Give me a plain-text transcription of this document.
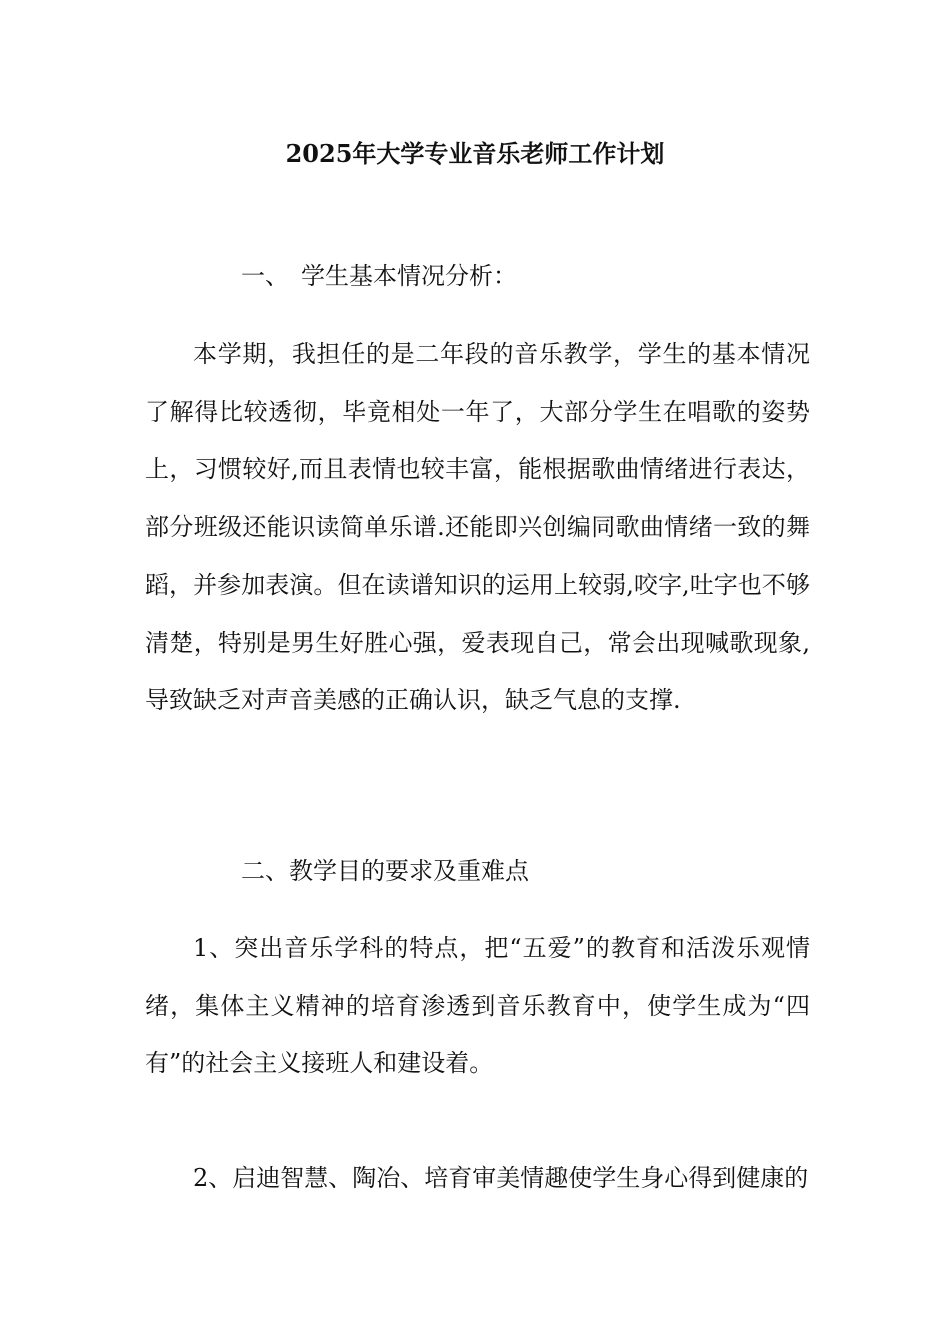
2025年大学专业音乐老师工作计划
一、 学生基本情况分析：

本学期，我担任的是二年段的音乐教学，学生的基本情况了解得比较透彻，毕竟相处一年了，大部分学生在唱歌的姿势上，习惯较好,而且表情也较丰富，能根据歌曲情绪进行表达，部分班级还能识读简单乐谱.还能即兴创编同歌曲情绪一致的舞蹈，并参加表演。但在读谱知识的运用上较弱,咬字,吐字也不够清楚，特别是男生好胜心强，爱表现自己，常会出现喊歌现象,导致缺乏对声音美感的正确认识，缺乏气息的支撑.

二、教学目的要求及重难点

1、突出音乐学科的特点，把“五爱”的教育和活泼乐观情绪，集体主义精神的培育渗透到音乐教育中，使学生成为“四有”的社会主义接班人和建设着。

2、启迪智慧、陶冶、培育审美情趣使学生身心得到健康的
